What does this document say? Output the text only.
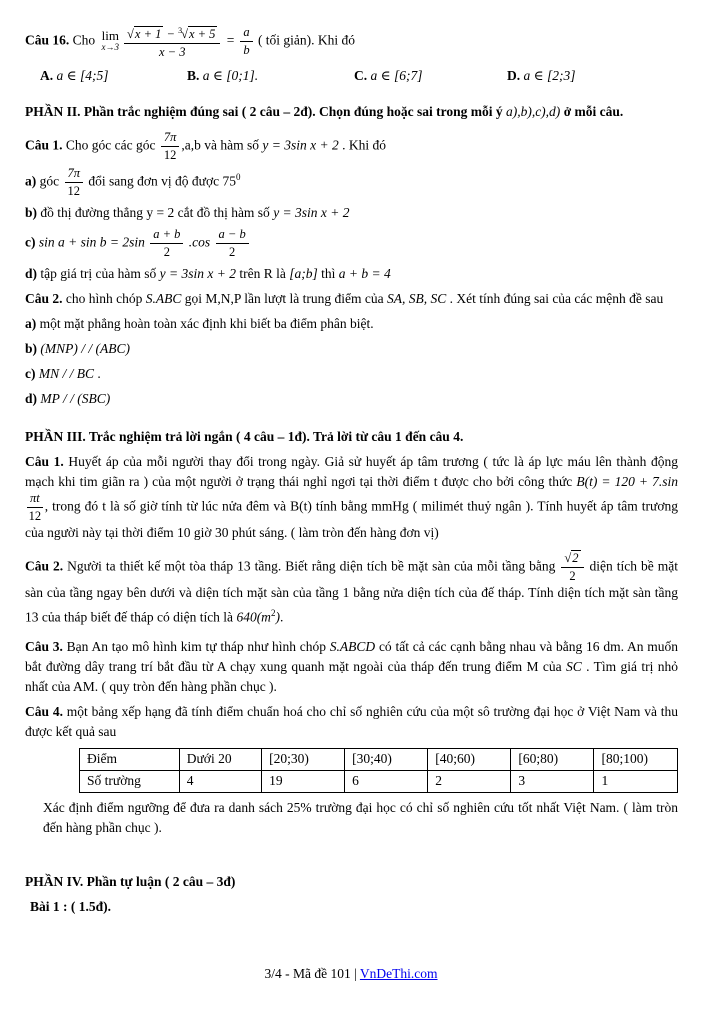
Câu 16. Cho lim
$x\to 3 \frac{√x + 1 - ^3√x + 5}{x - 3} = \frac{a}{b}$ ( tối giản). Khi đó
A. a ∈ [4;5]	B. a ∈ [0;1].	C. a ∈ [6;7]	D. a ∈ [2;3]
PHẦN II. Phần trắc nghiệm đúng sai ( 2 câu – 2đ). Chọn đúng hoặc sai trong mỗi ý a),b),c),d) ở mỗi câu.
Câu 1. Cho góc các góc $\frac{7\pi}{12} ,a,b$ và hàm số y = 3sin x + 2 . Khi đó
a) góc $\frac{7\pi}{12}$ đổi sang đơn vị độ được $75^0$
b) đồ thị đường thẳng y = 2 cắt đồ thị hàm số y = 3sin x + 2
c) $\sin a + \sin b = 2\sin \frac{a + b}{2} .\cos \frac{a - b}{2}$
d) tập giá trị của hàm số y = 3sin x + 2 trên R là [a;b] thì a + b = 4
Câu 2. cho hình chóp S.ABC gọi M,N,P lần lượt là trung điểm của SA, SB, SC . Xét tính đúng sai của các mệnh đề sau
a) một mặt phẳng hoàn toàn xác định khi biết ba điểm phân biệt.
b) (MNP) / / (ABC)
c) MN / / BC .
d) MP / / (SBC)
PHẦN III. Trắc nghiệm trả lời ngắn ( 4 câu – 1đ). Trả lời từ câu 1 đến câu 4.
Câu 1. Huyết áp của mỗi người thay đổi trong ngày. Giả sử huyết áp tâm trương ( tức là áp lực máu lên thành động mạch khi tim giãn ra ) của một người ở trạng thái nghỉ ngơi tại thời điểm t được cho bởi công thức B(t) = 120 + 7.sin
$\frac{\pi t}{12}$ , trong đó t là số giờ tính từ lúc nửa đêm và B(t) tính bằng mmHg ( milimét thuỷ ngân ). Tính huyết áp tâm trương của người này tại thời điểm 10 giờ 30 phút sáng. ( làm tròn đến hàng đơn vị)
Câu 2. Người ta thiết kế một tòa tháp 13 tầng. Biết rằng diện tích bề mặt sàn của mỗi tầng bằng $\frac{√2}{2}$ diện tích bề mặt sàn của tầng ngay bên dưới và diện tích mặt sàn của tầng 1 bằng nửa diện tích của đế tháp. Tính diện tích mặt sàn tầng 13 của tháp biết đế tháp có diện tích là $640(m^2)$.
Câu 3. Bạn An tạo mô hình kim tự tháp như hình chóp S.ABCD có tất cả các cạnh bằng nhau và bằng 16 dm. An muốn bắt đường dây trang trí bắt đầu từ A chạy xung quanh mặt ngoài của tháp đến trung điểm M của SC . Tìm giá trị nhỏ nhất của AM. ( quy tròn đến hàng phần chục ).
Câu 4. một bảng xếp hạng đã tính điểm chuẩn hoá cho chỉ số nghiên cứu của một sô trường đại học ở Việt Nam và thu được kết quả sau
Điểm	Dưới 20	[20;30)	[30;40)	[40;60)	[60;80)	[80;100)
Số trường	4	19	6	2	3	1
Xác định điểm ngưỡng để đưa ra danh sách 25% trường đại học có chỉ số nghiên cứu tốt nhất Việt Nam. ( làm tròn đến hàng phần chục ).
PHẦN IV. Phần tự luận ( 2 câu – 3đ)
Bài 1 : ( 1.5đ).
3/4 - Mã đề 101 | VnDeThi.com
